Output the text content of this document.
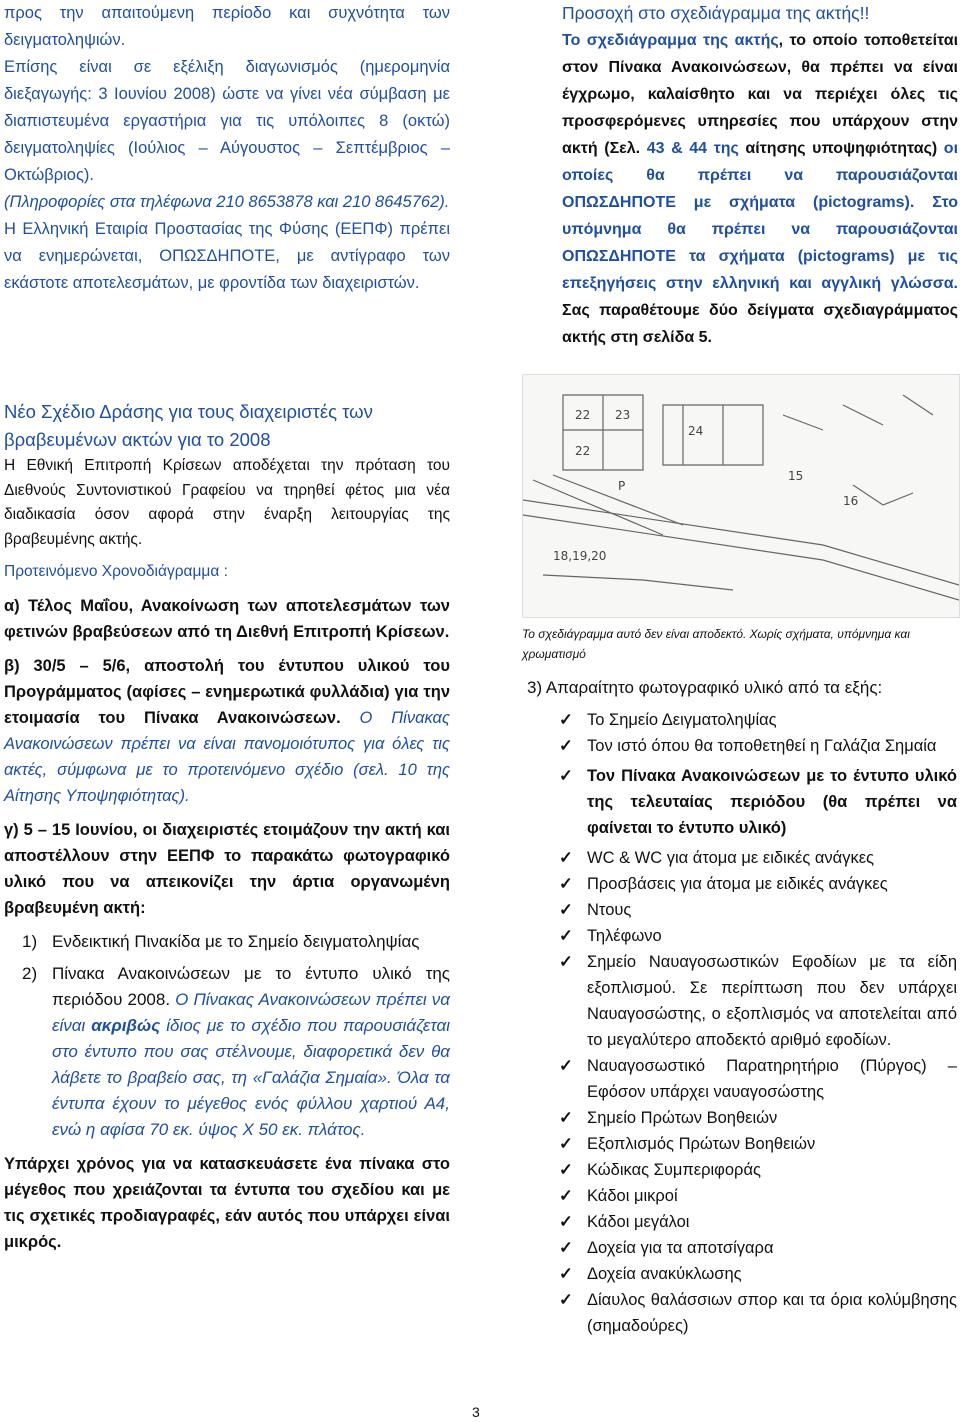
προς την απαιτούμενη περίοδο και συχνότητα των δειγματοληψιών.

Επίσης είναι σε εξέλιξη διαγωνισμός (ημερομηνία διεξαγωγής: 3 Ιουνίου 2008) ώστε να γίνει νέα σύμβαση με διαπιστευμένα εργαστήρια για τις υπόλοιπες 8 (οκτώ) δειγματοληψίες (Ιούλιος – Αύγουστος – Σεπτέμβριος – Οκτώβριος).

(Πληροφορίες στα τηλέφωνα 210 8653878 και 210 8645762).

Η Ελληνική Εταιρία Προστασίας της Φύσης (ΕΕΠΦ) πρέπει να ενημερώνεται, ΟΠΩΣΔΗΠΟΤΕ, με αντίγραφο των εκάστοτε αποτελεσμάτων, με φροντίδα των διαχειριστών.

Προσοχή στο σχεδιάγραμμα της ακτής!!

Το σχεδιάγραμμα της ακτής, το οποίο τοποθετείται στον Πίνακα Ανακοινώσεων, θα πρέπει να είναι έγχρωμο, καλαίσθητο και να περιέχει όλες τις προσφερόμενες υπηρεσίες που υπάρχουν στην ακτή (Σελ. 43 & 44 της αίτησης υποψηφιότητας) οι οποίες θα πρέπει να παρουσιάζονται ΟΠΩΣΔΗΠΟΤΕ με σχήματα (pictograms). Στο υπόμνημα θα πρέπει να παρουσιάζονται ΟΠΩΣΔΗΠΟΤΕ τα σχήματα (pictograms) με τις επεξηγήσεις στην ελληνική και αγγλική γλώσσα. Σας παραθέτουμε δύο δείγματα σχεδιαγράμματος ακτής στη σελίδα 5.

Νέο Σχέδιο Δράσης για τους διαχειριστές των βραβευμένων ακτών για το 2008

Η Εθνική Επιτροπή Κρίσεων αποδέχεται την πρόταση του Διεθνούς Συντονιστικού Γραφείου να τηρηθεί φέτος μια νέα διαδικασία όσον αφορά στην έναρξη λειτουργίας της βραβευμένης ακτής.

Προτεινόμενο Χρονοδιάγραμμα :

α) Τέλος Μαΐου, Ανακοίνωση των αποτελεσμάτων των φετινών βραβεύσεων από τη Διεθνή Επιτροπή Κρίσεων.

β) 30/5 – 5/6, αποστολή του έντυπου υλικού του Προγράμματος (αφίσες – ενημερωτικά φυλλάδια) για την ετοιμασία του Πίνακα Ανακοινώσεων. Ο Πίνακας Ανακοινώσεων πρέπει να είναι πανομοιότυπος για όλες τις ακτές, σύμφωνα με το προτεινόμενο σχέδιο (σελ. 10 της Αίτησης Υποψηφιότητας).

γ) 5 – 15 Ιουνίου, οι διαχειριστές ετοιμάζουν την ακτή και αποστέλλουν στην ΕΕΠΦ το παρακάτω φωτογραφικό υλικό που να απεικονίζει την άρτια οργανωμένη βραβευμένη ακτή:

1) Ενδεικτική Πινακίδα με το Σημείο δειγματοληψίας
2) Πίνακα Ανακοινώσεων με το έντυπο υλικό της περιόδου 2008. Ο Πίνακας Ανακοινώσεων πρέπει να είναι ακριβώς ίδιος με το σχέδιο που παρουσιάζεται στο έντυπο που σας στέλνουμε, διαφορετικά δεν θα λάβετε το βραβείο σας, τη «Γαλάζια Σημαία». Όλα τα έντυπα έχουν το μέγεθος ενός φύλλου χαρτιού Α4, ενώ η αφίσα 70 εκ. ύψος Χ 50 εκ. πλάτος.

Υπάρχει χρόνος για να κατασκευάσετε ένα πίνακα στο μέγεθος που χρειάζονται τα έντυπα του σχεδίου και με τις σχετικές προδιαγραφές, εάν αυτός που υπάρχει είναι μικρός.

22
22
23
24
18,19,20
P
15
16
Το σχεδιάγραμμα αυτό δεν είναι αποδεκτό. Χωρίς σχήματα, υπόμνημα και χρωματισμό
3) Απαραίτητο φωτογραφικό υλικό από τα εξής:
✓ Το Σημείο Δειγματοληψίας
✓ Τον ιστό όπου θα τοποθετηθεί η Γαλάζια Σημαία
✓ Τον Πίνακα Ανακοινώσεων με το έντυπο υλικό της τελευταίας περιόδου (θα πρέπει να φαίνεται το έντυπο υλικό)
✓ WC & WC για άτομα με ειδικές ανάγκες
✓ Προσβάσεις για άτομα με ειδικές ανάγκες
✓ Ντους
✓ Τηλέφωνο
✓ Σημείο Ναυαγοσωστικών Εφοδίων με τα είδη εξοπλισμού. Σε περίπτωση που δεν υπάρχει Ναυαγοσώστης, ο εξοπλισμός να αποτελείται από το μεγαλύτερο αποδεκτό αριθμό εφοδίων.
✓ Ναυαγοσωστικό Παρατηρητήριο (Πύργος) – Εφόσον υπάρχει ναυαγοσώστης
✓ Σημείο Πρώτων Βοηθειών
✓ Εξοπλισμός Πρώτων Βοηθειών
✓ Κώδικας Συμπεριφοράς
✓ Κάδοι μικροί
✓ Κάδοι μεγάλοι
✓ Δοχεία για τα αποτσίγαρα
✓ Δοχεία ανακύκλωσης
✓ Δίαυλος θαλάσσιων σπορ και τα όρια κολύμβησης (σημαδούρες)
3
